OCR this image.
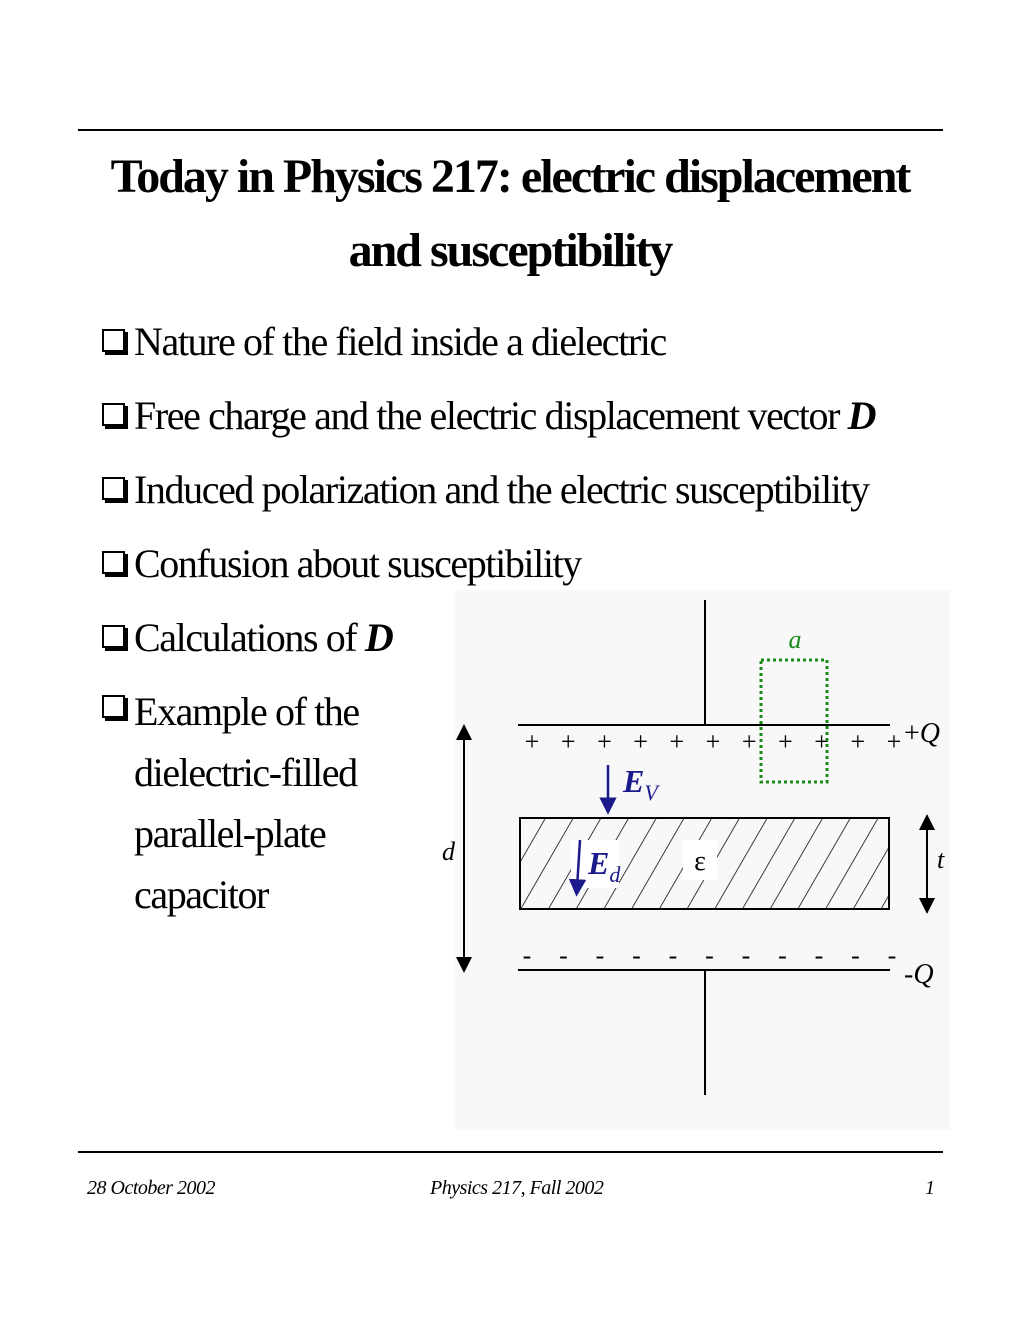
Today in Physics 217: electric displacement and susceptibility
Nature of the field inside a dielectric
Free charge and the electric displacement vector D
Induced polarization and the electric susceptibility
Confusion about susceptibility
Calculations of D
Example of the
dielectric-filled
parallel-plate
capacitor
+ + + + + + + + + + +
- - - - - - - - - - -
a
ε
$E_V$
$E_d$
d	t
+Q
-Q
28 October 2002	Physics 217, Fall 2002	1
